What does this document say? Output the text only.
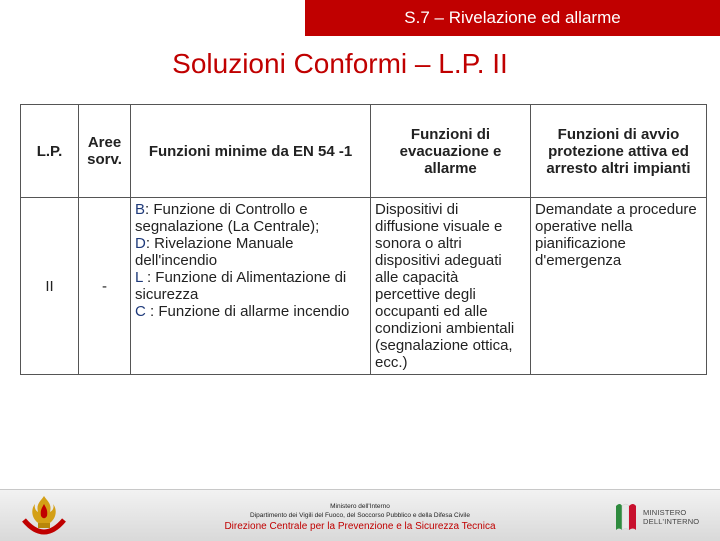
S.7 – Rivelazione ed allarme
Soluzioni Conformi – L.P. II
L.P.	Aree sorv.	Funzioni minime da EN 54 -1	Funzioni di evacuazione e allarme	Funzioni di avvio protezione attiva ed arresto altri impianti
II	-	B: Funzione di Controllo e segnalazione (La Centrale);
D: Rivelazione Manuale dell'incendio
L : Funzione di Alimentazione di sicurezza
C : Funzione di allarme incendio	Dispositivi di diffusione visuale e sonora o altri dispositivi adeguati alle capacità percettive degli occupanti ed alle condizioni ambientali (segnalazione ottica, ecc.)	Demandate a procedure operative nella pianificazione d'emergenza
Ministero dell'Interno
Dipartimento dei Vigili del Fuoco, del Soccorso Pubblico e della Difesa Civile
Direzione Centrale per la Prevenzione e la Sicurezza Tecnica
MINISTERO
DELL'INTERNO
